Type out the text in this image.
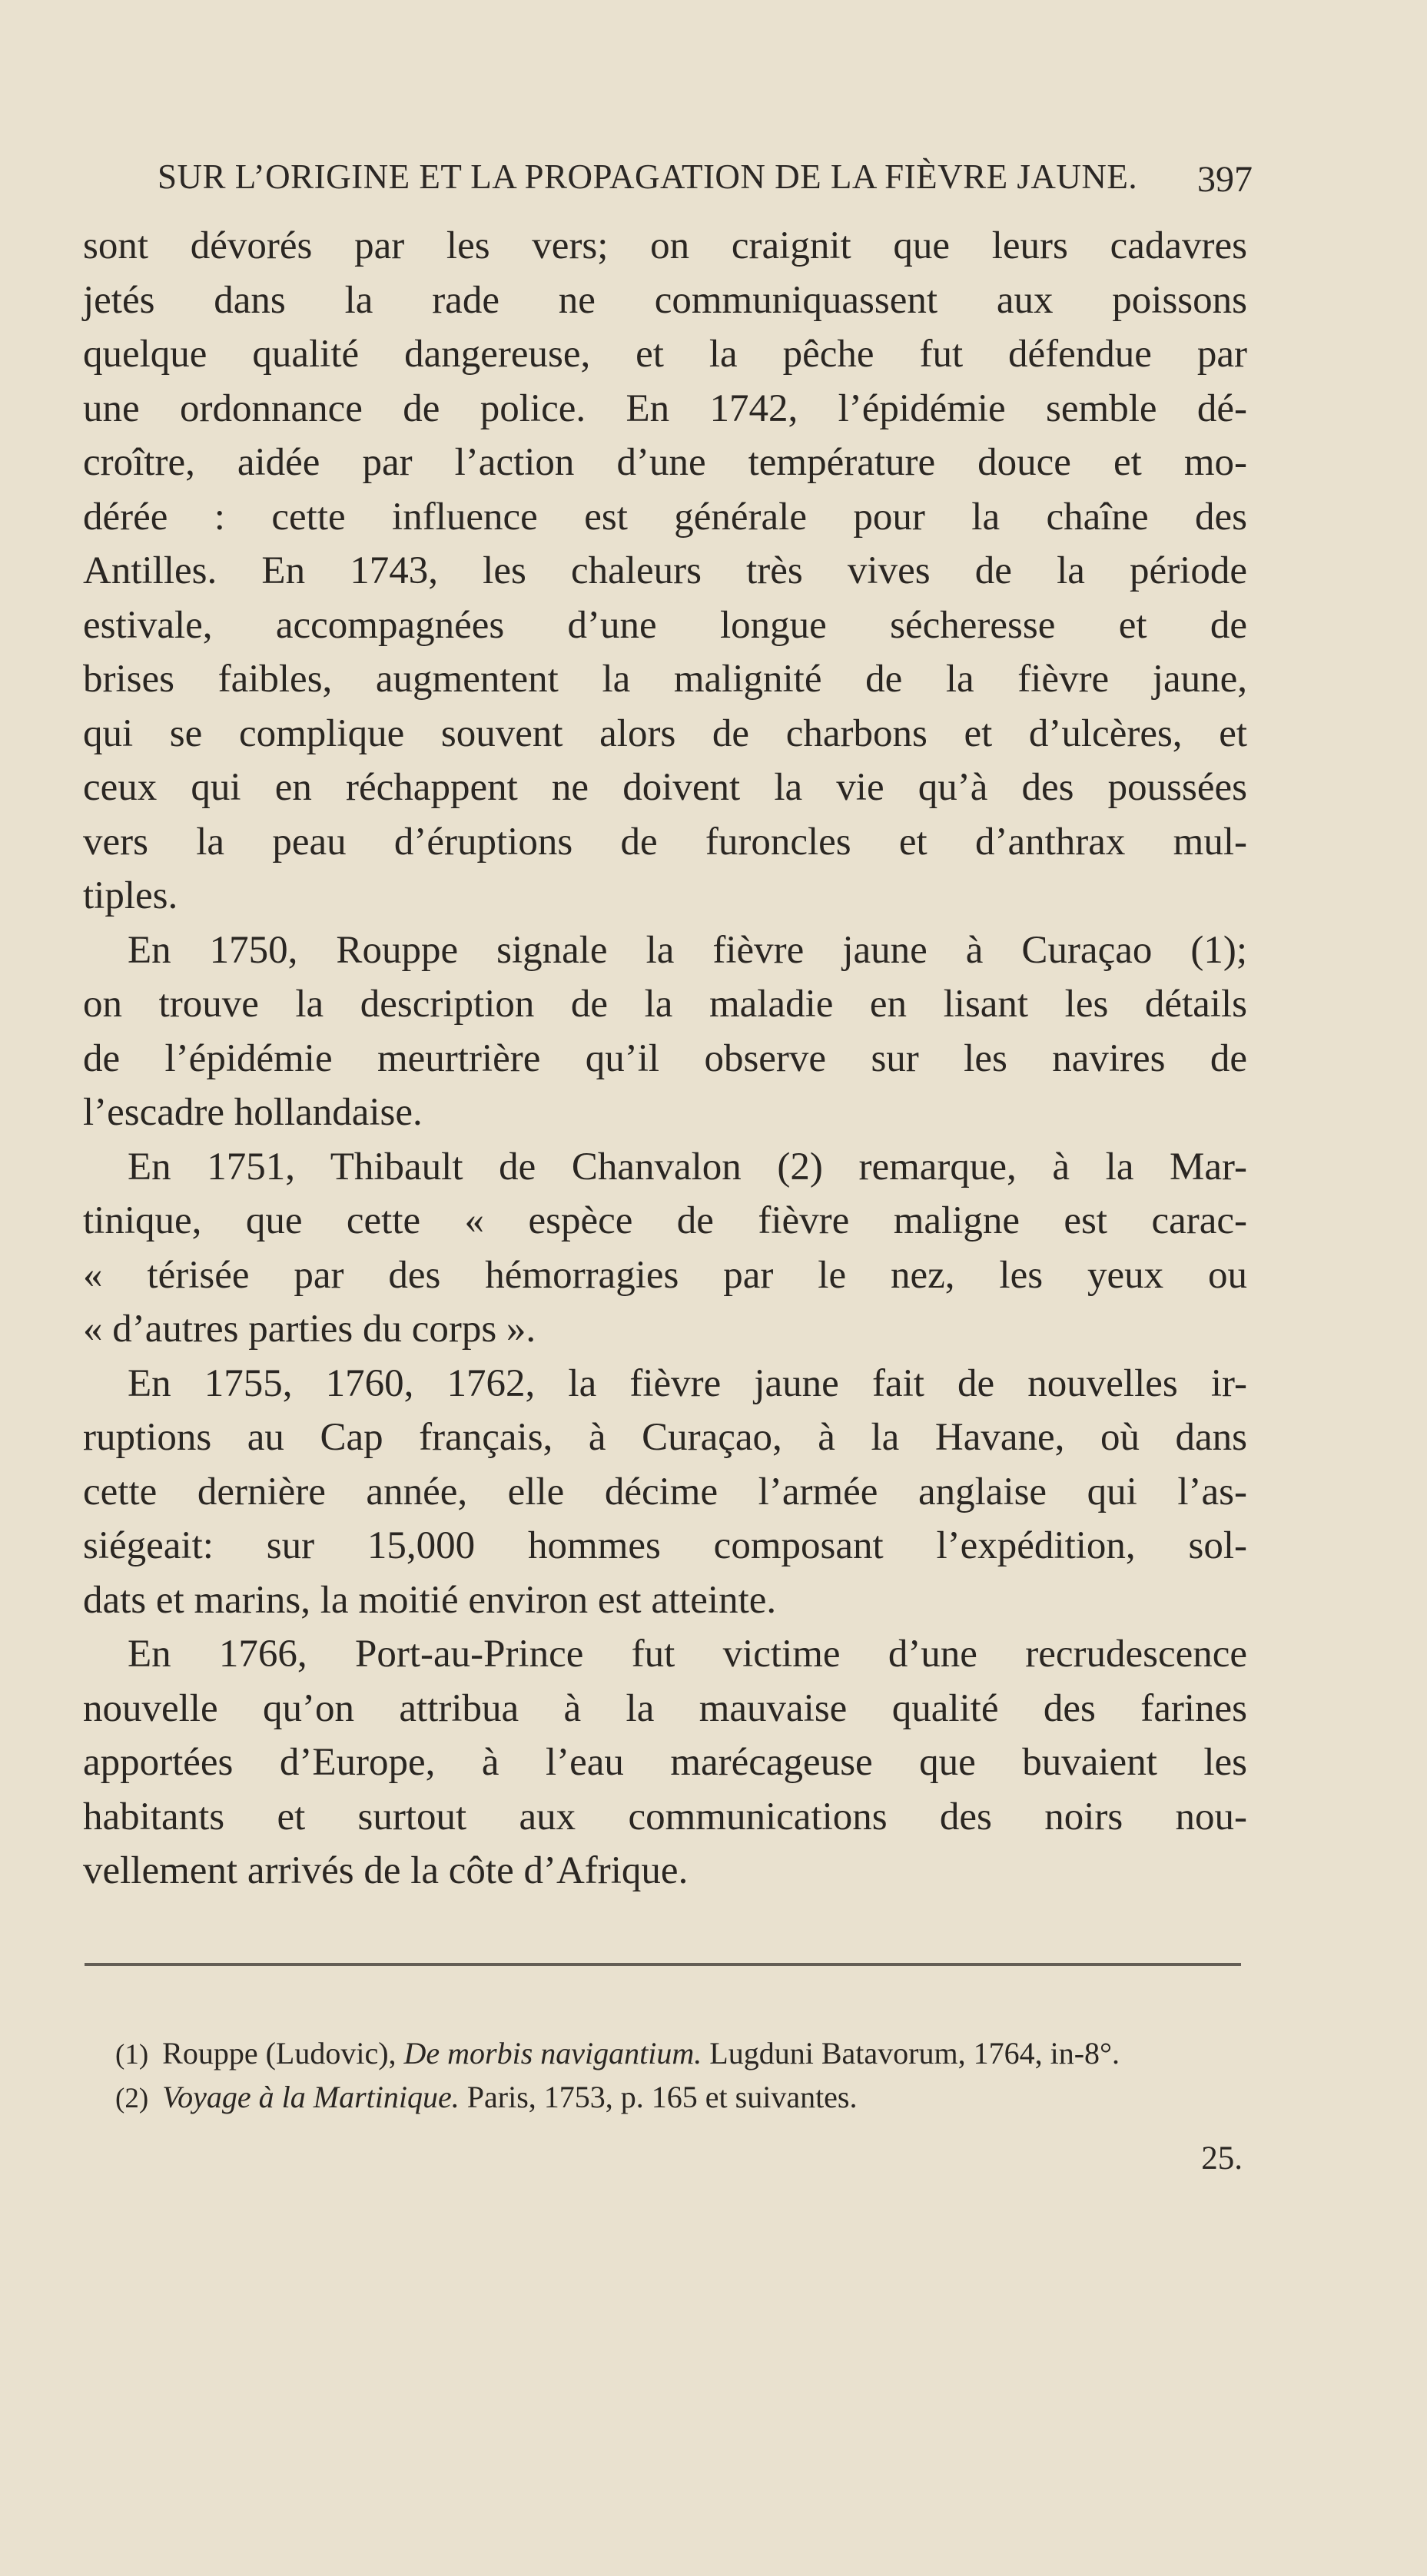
SUR L’ORIGINE ET LA PROPAGATION DE LA FIÈVRE JAUNE. 397
sont dévorés par les vers; on craignit que leurs cadavres
jetés dans la rade ne communiquassent aux poissons
quelque qualité dangereuse, et la pêche fut défendue par
une ordonnance de police. En 1742, l’épidémie semble dé-
croître, aidée par l’action d’une température douce et mo-
dérée : cette influence est générale pour la chaîne des
Antilles. En 1743, les chaleurs très vives de la période
estivale, accompagnées d’une longue sécheresse et de
brises faibles, augmentent la malignité de la fièvre jaune,
qui se complique souvent alors de charbons et d’ulcères, et
ceux qui en réchappent ne doivent la vie qu’à des poussées
vers la peau d’éruptions de furoncles et d’anthrax mul-
tiples.
En 1750, Rouppe signale la fièvre jaune à Curaçao (1);
on trouve la description de la maladie en lisant les détails
de l’épidémie meurtrière qu’il observe sur les navires de
l’escadre hollandaise.
En 1751, Thibault de Chanvalon (2) remarque, à la Mar-
tinique, que cette « espèce de fièvre maligne est carac-
« térisée par des hémorragies par le nez, les yeux ou
« d’autres parties du corps ».
En 1755, 1760, 1762, la fièvre jaune fait de nouvelles ir-
ruptions au Cap français, à Curaçao, à la Havane, où dans
cette dernière année, elle décime l’armée anglaise qui l’as-
siégeait: sur 15,000 hommes composant l’expédition, sol-
dats et marins, la moitié environ est atteinte.
En 1766, Port-au-Prince fut victime d’une recrudescence
nouvelle qu’on attribua à la mauvaise qualité des farines
apportées d’Europe, à l’eau marécageuse que buvaient les
habitants et surtout aux communications des noirs nou-
vellement arrivés de la côte d’Afrique.
(1) Rouppe (Ludovic), De morbis navigantium. Lugduni Batavorum, 1764, in-8°.
(2) Voyage à la Martinique. Paris, 1753, p. 165 et suivantes.
25.
